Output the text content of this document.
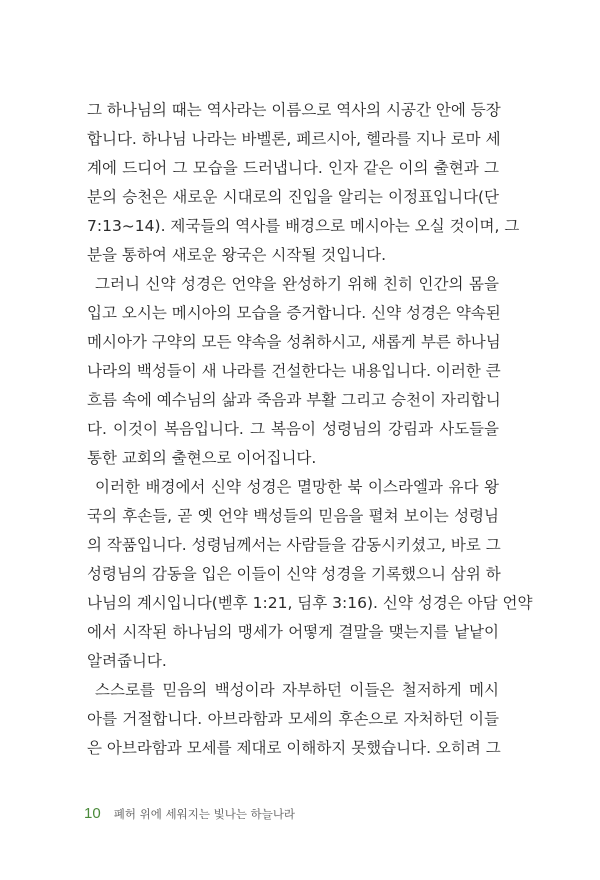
그 하나님의 때는 역사라는 이름으로 역사의 시공간 안에 등장
합니다. 하나님 나라는 바벨론, 페르시아, 헬라를 지나 로마 세
계에 드디어 그 모습을 드러냅니다. 인자 같은 이의 출현과 그
분의 승천은 새로운 시대로의 진입을 알리는 이정표입니다(단
7:13~14). 제국들의 역사를 배경으로 메시아는 오실 것이며, 그
분을 통하여 새로운 왕국은 시작될 것입니다.
그러니 신약 성경은 언약을 완성하기 위해 친히 인간의 몸을
입고 오시는 메시아의 모습을 증거합니다. 신약 성경은 약속된
메시아가 구약의 모든 약속을 성취하시고, 새롭게 부른 하나님
나라의 백성들이 새 나라를 건설한다는 내용입니다. 이러한 큰
흐름 속에 예수님의 삶과 죽음과 부활 그리고 승천이 자리합니
다. 이것이 복음입니다. 그 복음이 성령님의 강림과 사도들을
통한 교회의 출현으로 이어집니다.
이러한 배경에서 신약 성경은 멸망한 북 이스라엘과 유다 왕
국의 후손들, 곧 옛 언약 백성들의 믿음을 펼쳐 보이는 성령님
의 작품입니다. 성령님께서는 사람들을 감동시키셨고, 바로 그
성령님의 감동을 입은 이들이 신약 성경을 기록했으니 삼위 하
나님의 계시입니다(벧후 1:21, 딤후 3:16). 신약 성경은 아담 언약
에서 시작된 하나님의 맹세가 어떻게 결말을 맺는지를 낱낱이
알려줍니다.
스스로를 믿음의 백성이라 자부하던 이들은 철저하게 메시
아를 거절합니다. 아브라함과 모세의 후손으로 자처하던 이들
은 아브라함과 모세를 제대로 이해하지 못했습니다. 오히려 그
10 폐허 위에 세워지는 빛나는 하늘나라
